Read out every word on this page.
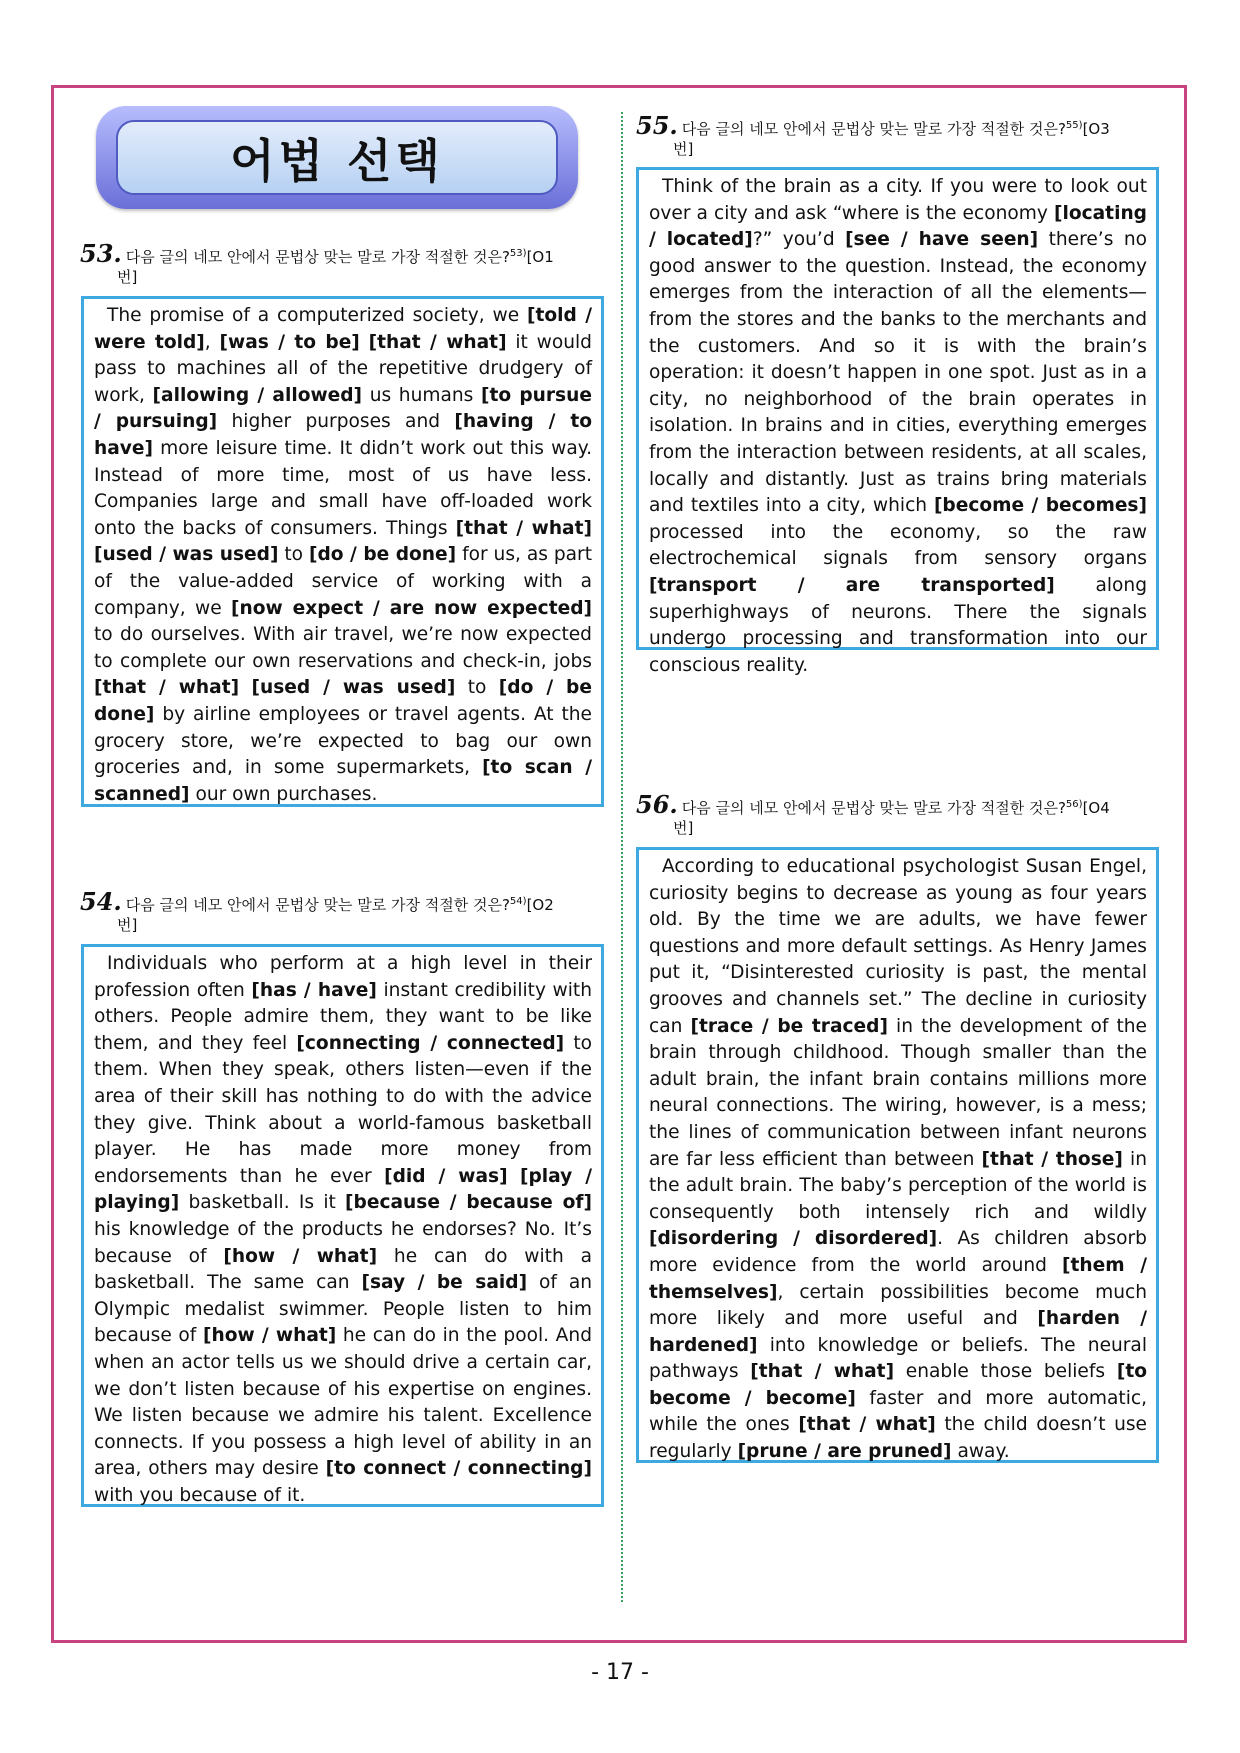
어법 선택
53. 다음 글의 네모 안에서 문법상 맞는 말로 가장 적절한 것은?$^{53)}$[O1
번]

The promise of a computerized society, we [told / were told], [was / to be] [that / what] it would pass to machines all of the repetitive drudgery of work, [allowing / allowed] us humans [to pursue / pursuing] higher purposes and [having / to have] more leisure time. It didn’t work out this way. Instead of more time, most of us have less. Companies large and small have off-loaded work onto the backs of consumers. Things [that / what] [used / was used] to [do / be done] for us, as part of the value-added service of working with a company, we [now expect / are now expected] to do ourselves. With air travel, we’re now expected to complete our own reservations and check-in, jobs [that / what] [used / was used] to [do / be done] by airline employees or travel agents. At the grocery store, we’re expected to bag our own groceries and, in some supermarkets, [to scan / scanned] our own purchases.

54. 다음 글의 네모 안에서 문법상 맞는 말로 가장 적절한 것은?$^{54)}$[O2
번]

Individuals who perform at a high level in their profession often [has / have] instant credibility with others. People admire them, they want to be like them, and they feel [connecting / connected] to them. When they speak, others listen—even if the area of their skill has nothing to do with the advice they give. Think about a world-famous basketball player. He has made more money from endorsements than he ever [did / was] [play / playing] basketball. Is it [because / because of] his knowledge of the products he endorses? No. It’s because of [how / what] he can do with a basketball. The same can [say / be said] of an Olympic medalist swimmer. People listen to him because of [how / what] he can do in the pool. And when an actor tells us we should drive a certain car, we don’t listen because of his expertise on engines. We listen because we admire his talent. Excellence connects. If you possess a high level of ability in an area, others may desire [to connect / connecting] with you because of it.

55. 다음 글의 네모 안에서 문법상 맞는 말로 가장 적절한 것은?$^{55)}$[O3
번]

Think of the brain as a city. If you were to look out over a city and ask “where is the economy [locating / located]?” you’d [see / have seen] there’s no good answer to the question. Instead, the economy emerges from the interaction of all the elements—from the stores and the banks to the merchants and the customers. And so it is with the brain’s operation: it doesn’t happen in one spot. Just as in a city, no neighborhood of the brain operates in isolation. In brains and in cities, everything emerges from the interaction between residents, at all scales, locally and distantly. Just as trains bring materials and textiles into a city, which [become / becomes] processed into the economy, so the raw electrochemical signals from sensory organs [transport / are transported] along superhighways of neurons. There the signals undergo processing and transformation into our conscious reality.

56. 다음 글의 네모 안에서 문법상 맞는 말로 가장 적절한 것은?$^{56)}$[O4
번]

According to educational psychologist Susan Engel, curiosity begins to decrease as young as four years old. By the time we are adults, we have fewer questions and more default settings. As Henry James put it, “Disinterested curiosity is past, the mental grooves and channels set.” The decline in curiosity can [trace / be traced] in the development of the brain through childhood. Though smaller than the adult brain, the infant brain contains millions more neural connections. The wiring, however, is a mess; the lines of communication between infant neurons are far less efficient than between [that / those] in the adult brain. The baby’s perception of the world is consequently both intensely rich and wildly [disordering / disordered]. As children absorb more evidence from the world around [them / themselves], certain possibilities become much more likely and more useful and [harden / hardened] into knowledge or beliefs. The neural pathways [that / what] enable those beliefs [to become / become] faster and more automatic, while the ones [that / what] the child doesn’t use regularly [prune / are pruned] away.

- 17 -
